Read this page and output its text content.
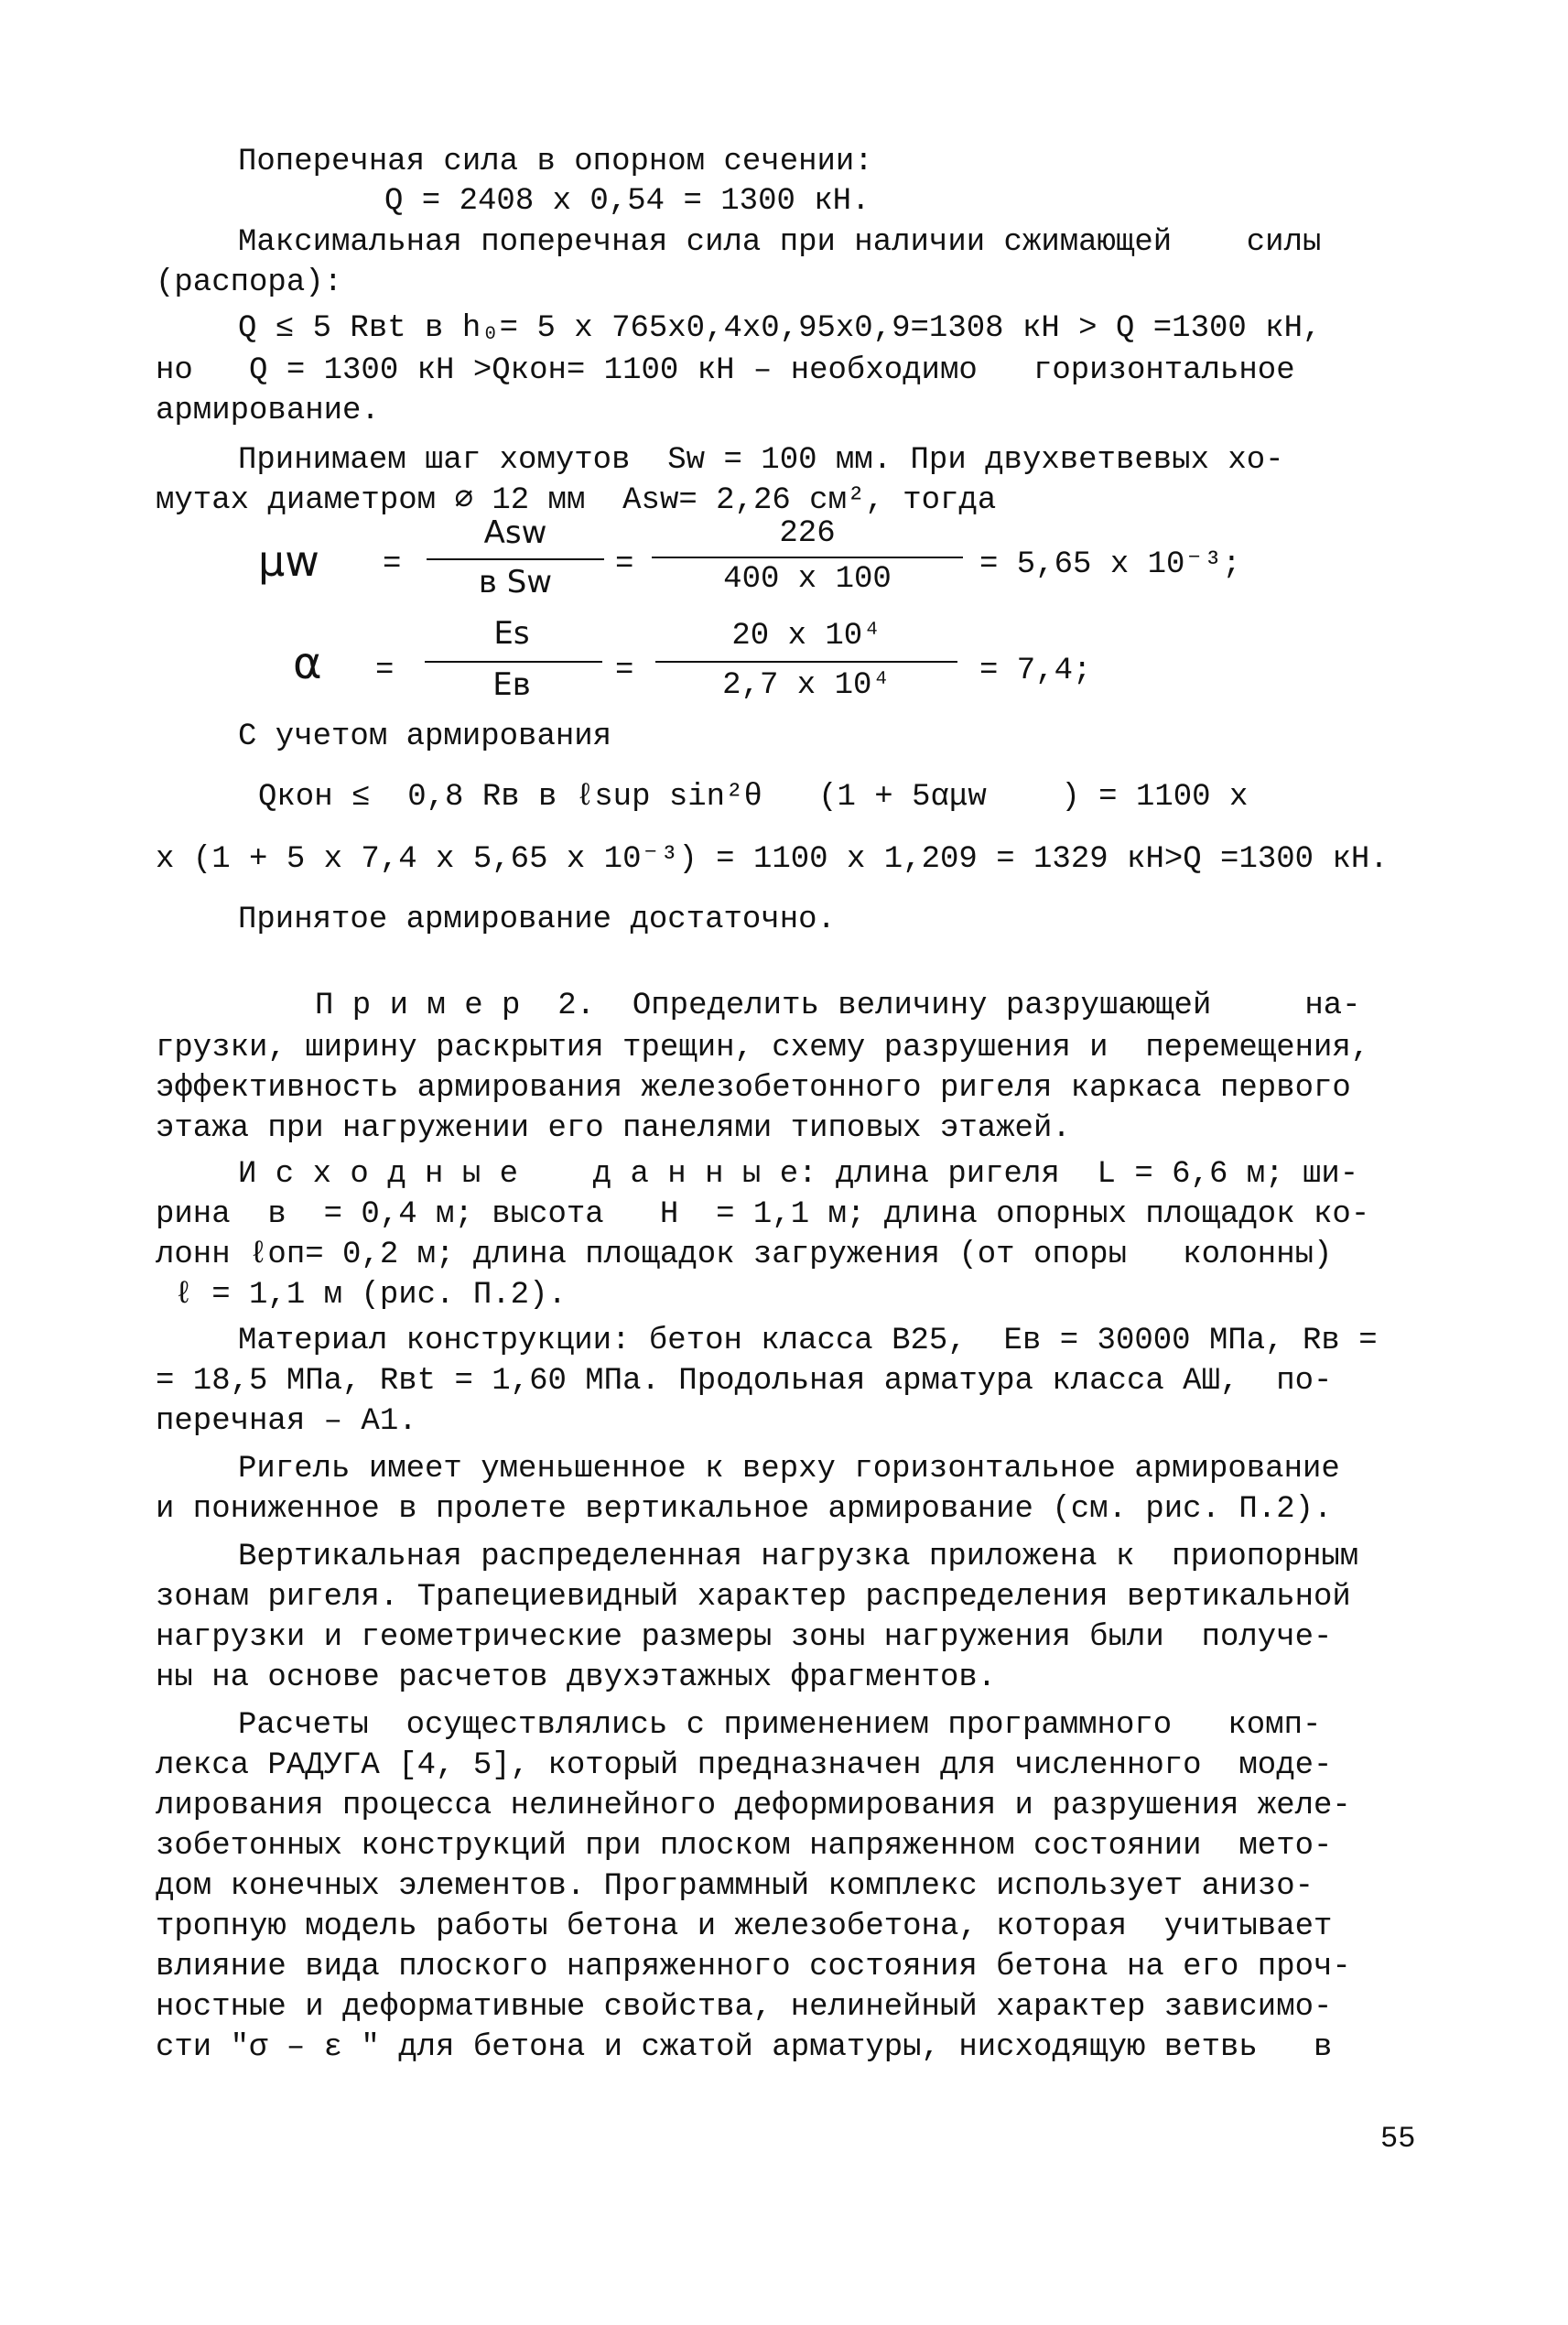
Поперечная сила в опорном сечении:
Q = 2408 х 0,54 = 1300 кН.
Максимальная поперечная сила при наличии сжимающей    силы
(распора):
Q ≤ 5 Rвt в h₀= 5 х 765х0,4х0,95х0,9=1308 кН > Q =1300 кН,
но   Q = 1300 кН >Qкон= 1100 кН – необходимо   горизонтальное
армирование.
Принимаем шаг хомутов  Sw = 100 мм. При двухветвевых хо-
мутах диаметром ∅ 12 мм  Asw= 2,26 см², тогда
μw =
Asw
в Sw	=
226
400 х 100	= 5,65 х 10⁻³;
α =
Es
Eв	=
20 х 10⁴
2,7 х 10⁴	= 7,4;
С учетом армирования
Qкон ≤  0,8 Rв в ℓsup sin²θ   (1 + 5αμw    ) = 1100 х
х (1 + 5 х 7,4 х 5,65 х 10⁻³) = 1100 х 1,209 = 1329 кН>Q =1300 кН.
Принятое армирование достаточно.
П р и м е р  2.  Определить величину разрушающей     на-
грузки, ширину раскрытия трещин, схему разрушения и  перемещения,
эффективность армирования железобетонного ригеля каркаса первого
этажа при нагружении его панелями типовых этажей.
И с х о д н ы е    д а н н ы е: длина ригеля  L = 6,6 м; ши-
рина  в  = 0,4 м; высота   H  = 1,1 м; длина опорных площадок ко-
лонн ℓоп= 0,2 м; длина площадок загружения (от опоры   колонны)
ℓ = 1,1 м (рис. П.2).
Материал конструкции: бетон класса В25,  Eв = 30000 МПа, Rв =
= 18,5 МПа, Rвt = 1,60 МПа. Продольная арматура класса АШ,  по-
перечная – А1.
Ригель имеет уменьшенное к верху горизонтальное армирование
и пониженное в пролете вертикальное армирование (см. рис. П.2).
Вертикальная распределенная нагрузка приложена к  приопорным
зонам ригеля. Трапециевидный характер распределения вертикальной
нагрузки и геометрические размеры зоны нагружения были  получе-
ны на основе расчетов двухэтажных фрагментов.
Расчеты  осуществлялись с применением программного   комп-
лекса РАДУГА [4, 5], который предназначен для численного  моде-
лирования процесса нелинейного деформирования и разрушения желе-
зобетонных конструкций при плоском напряженном состоянии  мето-
дом конечных элементов. Программный комплекс использует анизо-
тропную модель работы бетона и железобетона, которая  учитывает
влияние вида плоского напряженного состояния бетона на его проч-
ностные и деформативные свойства, нелинейный характер зависимо-
сти "σ – ε " для бетона и сжатой арматуры, нисходящую ветвь   в
55
